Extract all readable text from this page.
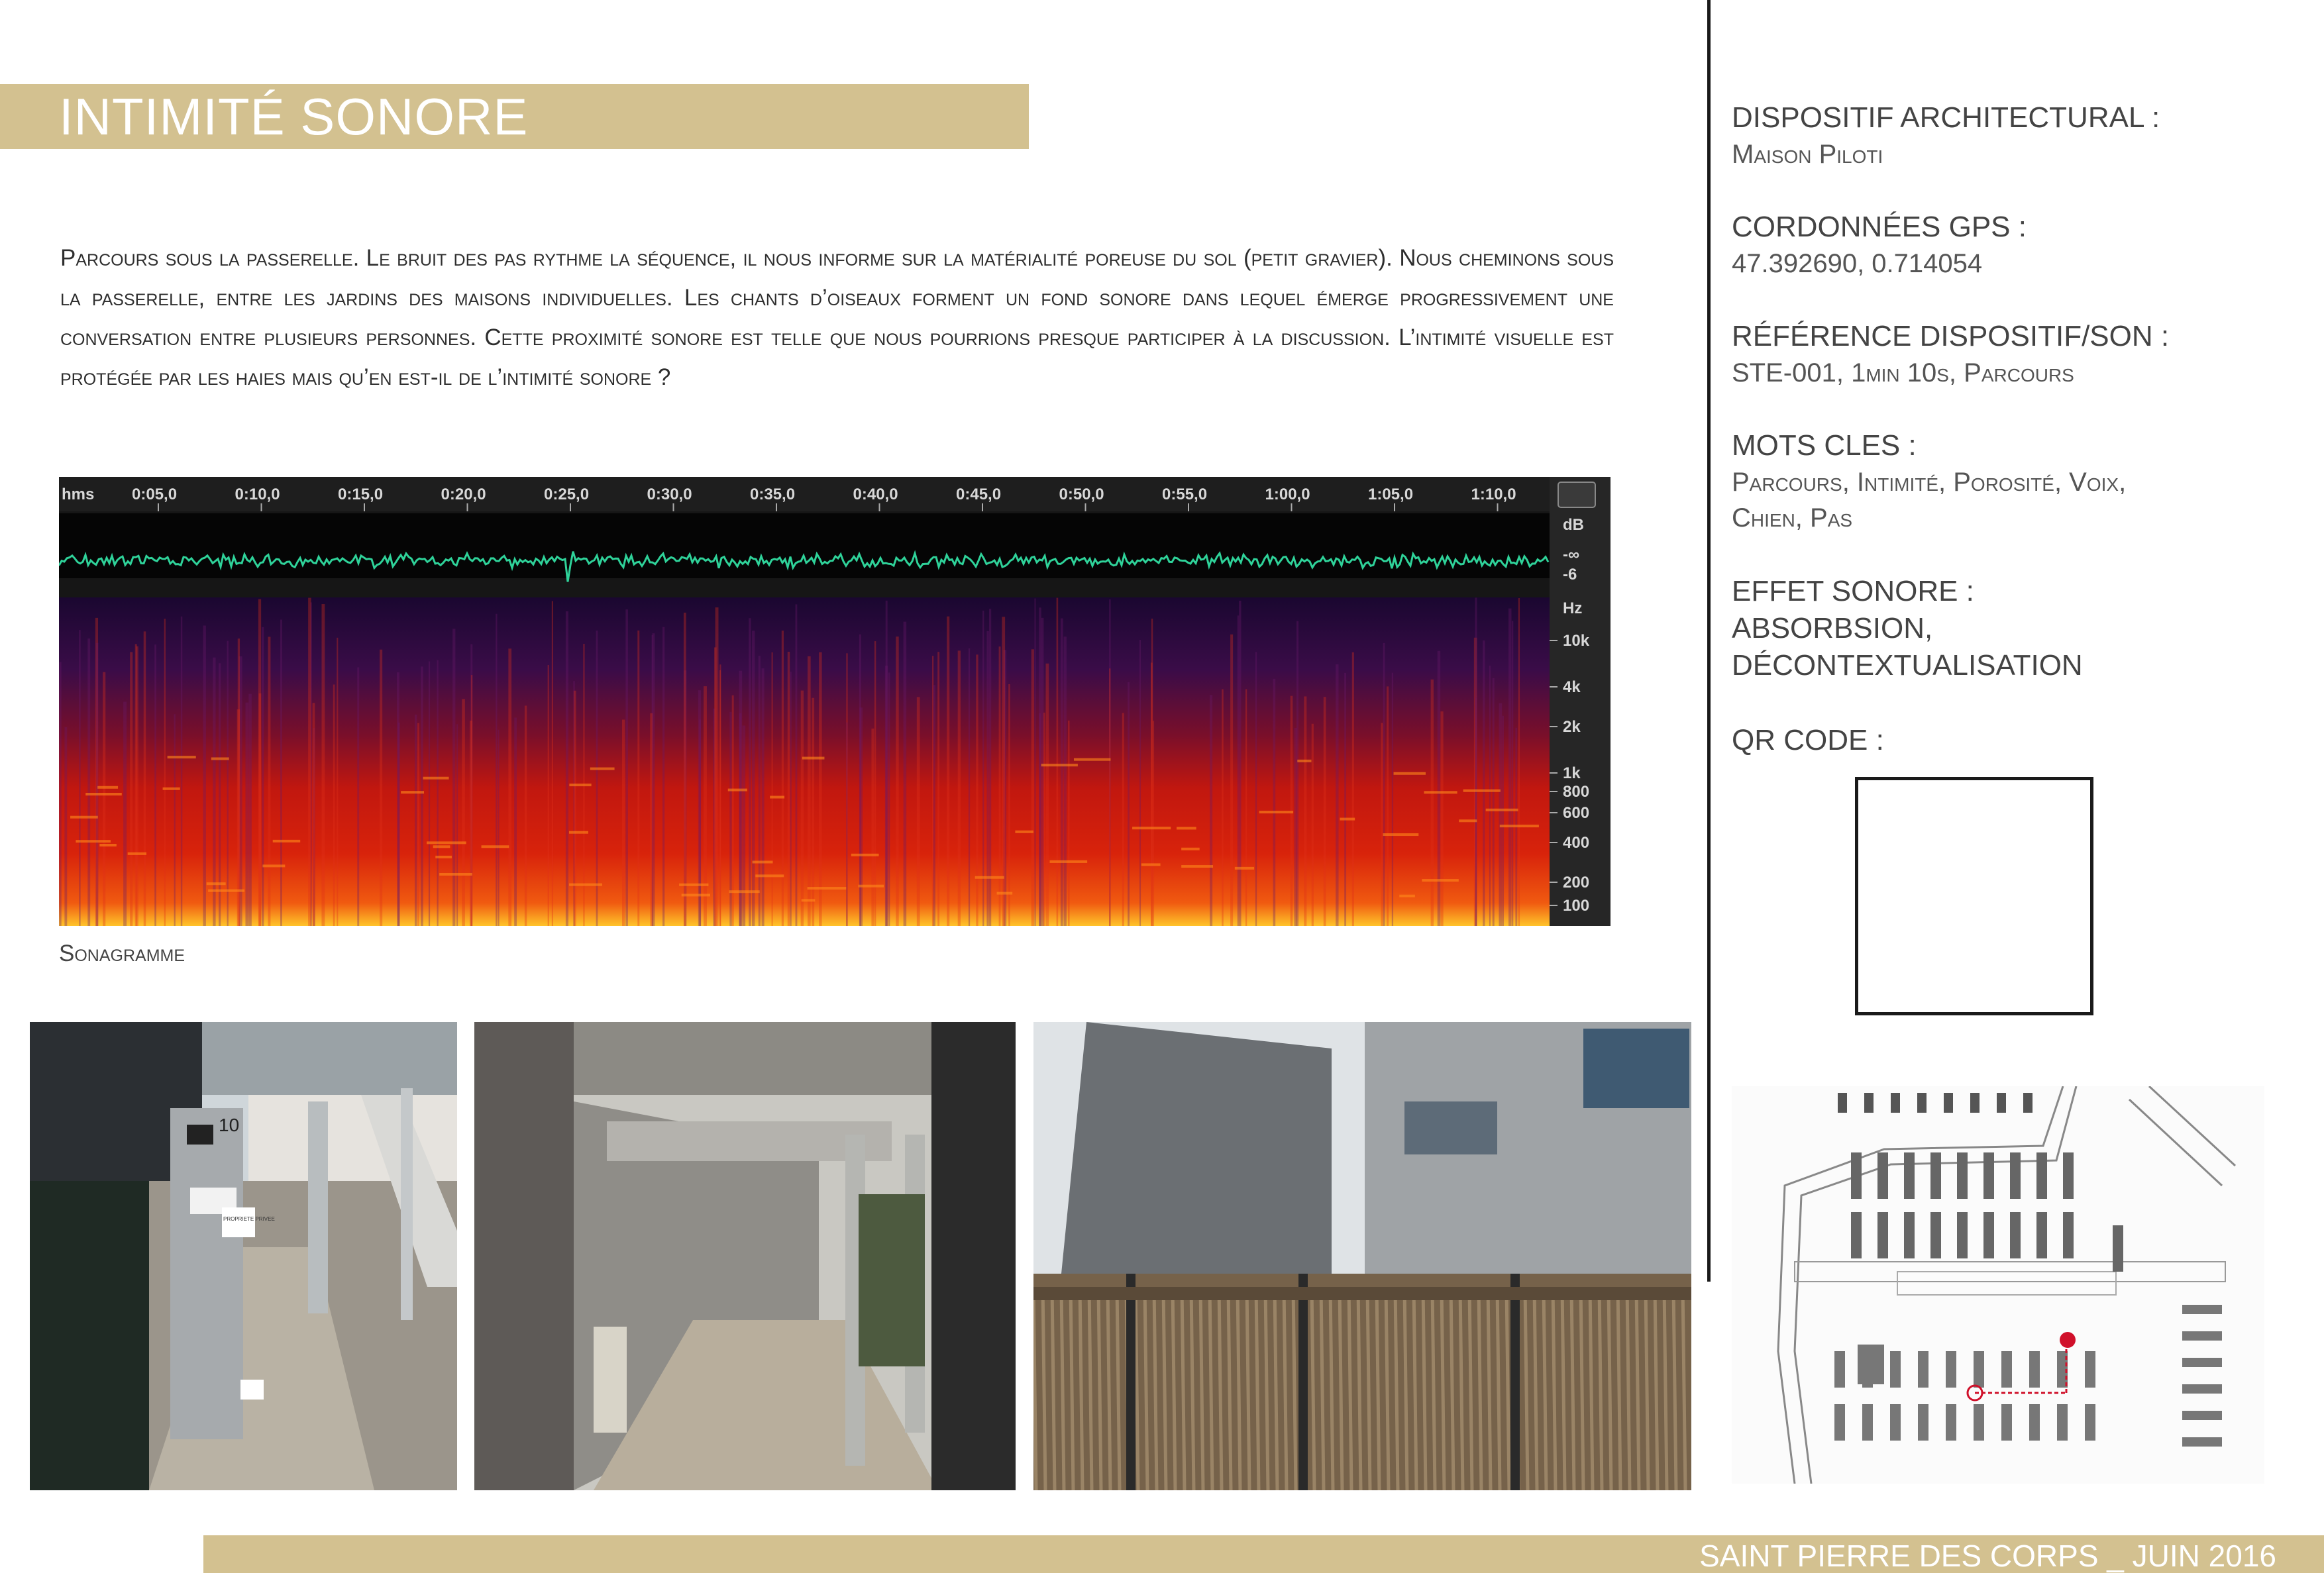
INTIMITÉ SONORE
Parcours sous la passerelle. Le bruit des pas rythme la séquence, il nous informe sur la matérialité poreuse du sol (petit gravier). Nous cheminons sous la passerelle, entre les jardins des maisons individuelles. Les chants d’oiseaux forment un fond sonore dans lequel émerge progressivement une conversation entre plusieurs personnes. Cette proximité sonore est telle que nous pourrions presque participer à la discussion. L’intimité visuelle est protégée par les haies mais qu’en est-il de l’intimité sonore ?
0:05,0	0:10,0	0:15,0	0:20,0	0:25,0	0:30,0	0:35,0	0:40,0	0:45,0	0:50,0	0:55,0	1:00,0	1:05,0	1:10,0
hms
dB
-∞
-6
Hz
10k
4k
2k
1k
800
600
400
200
100
Sonagramme
10
PROPRIETE PRIVEE
DISPOSITIF ARCHITECTURAL :
Maison Piloti
CORDONNÉES GPS :
47.392690, 0.714054
RÉFÉRENCE DISPOSITIF/SON :
STE-001, 1min 10s, Parcours
MOTS CLES :
Parcours, Intimité, Porosité, Voix,
Chien, Pas
EFFET SONORE :
ABSORBSION,
DÉCONTEXTUALISATION
QR CODE :
SAINT PIERRE DES CORPS _ JUIN 2016
